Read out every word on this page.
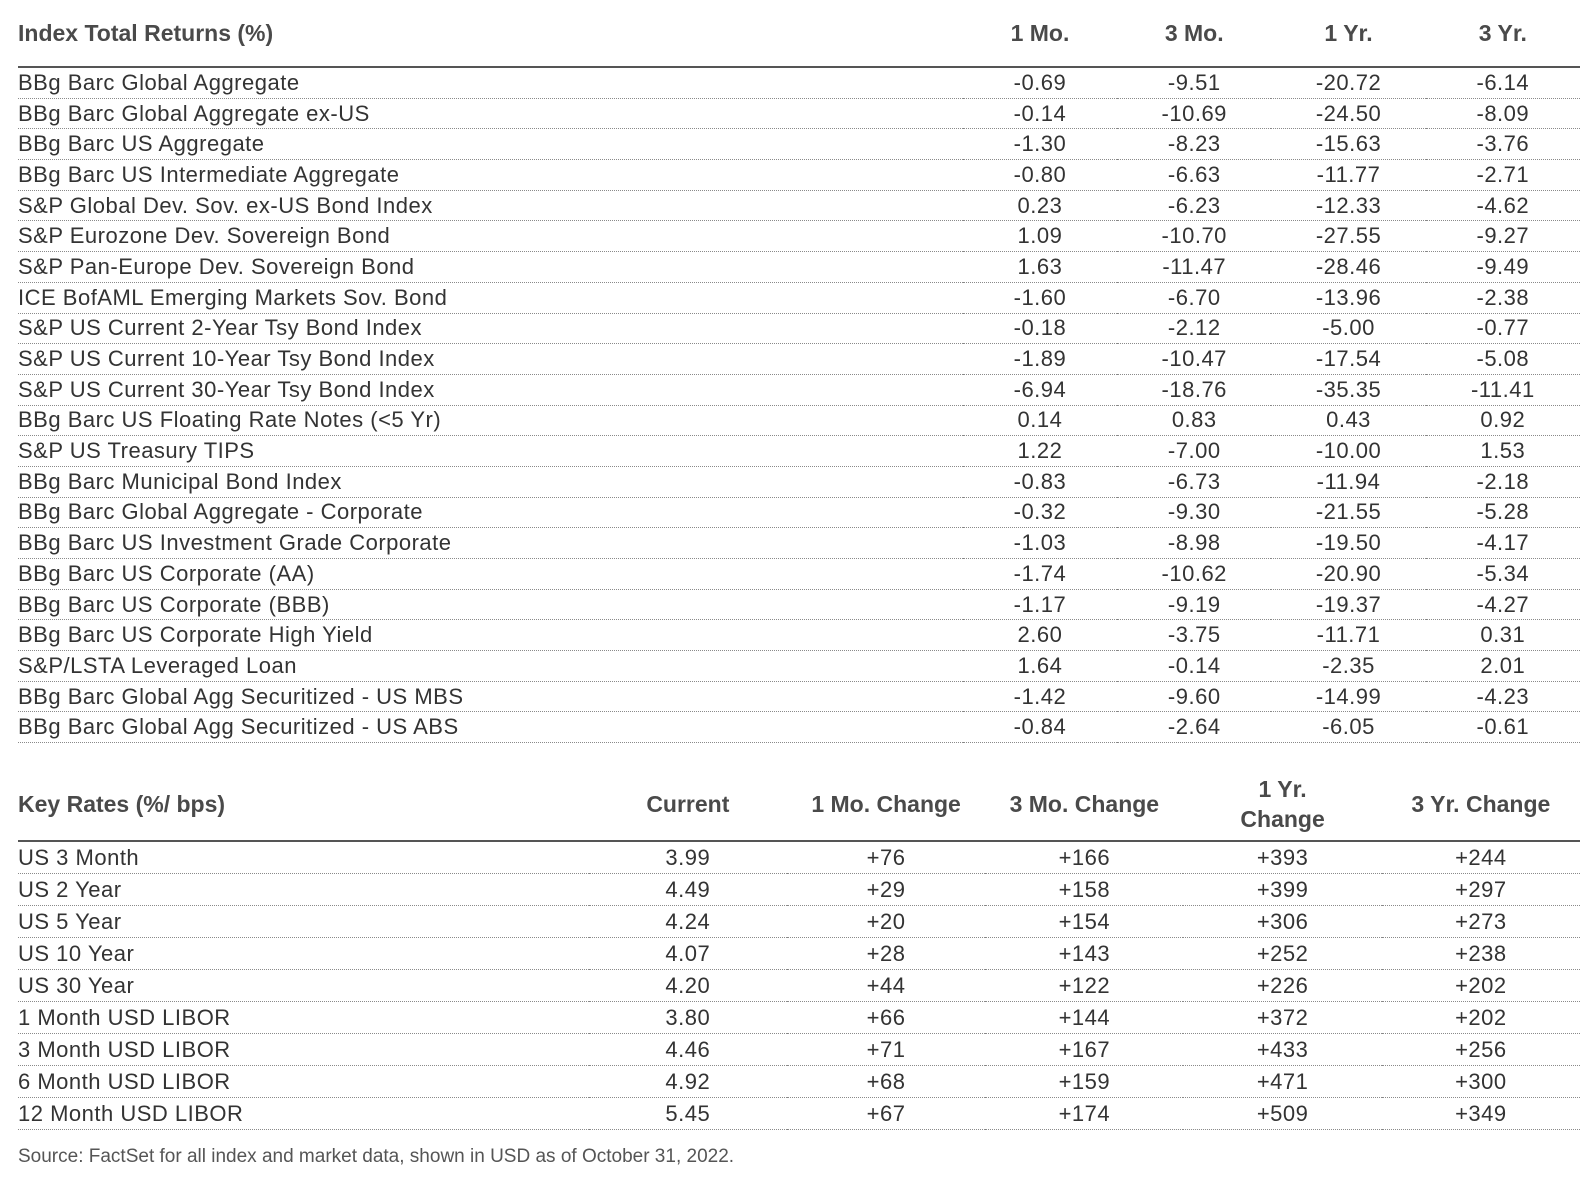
Index Total Returns (%)	1 Mo.	3 Mo.	1 Yr.	3 Yr.
BBg Barc Global Aggregate	-0.69	-9.51	-20.72	-6.14
BBg Barc Global Aggregate ex-US	-0.14	-10.69	-24.50	-8.09
BBg Barc US Aggregate	-1.30	-8.23	-15.63	-3.76
BBg Barc US Intermediate Aggregate	-0.80	-6.63	-11.77	-2.71
S&P Global Dev. Sov. ex-US Bond Index	0.23	-6.23	-12.33	-4.62
S&P Eurozone Dev. Sovereign Bond	1.09	-10.70	-27.55	-9.27
S&P Pan-Europe Dev. Sovereign Bond	1.63	-11.47	-28.46	-9.49
ICE BofAML Emerging Markets Sov. Bond	-1.60	-6.70	-13.96	-2.38
S&P US Current 2-Year Tsy Bond Index	-0.18	-2.12	-5.00	-0.77
S&P US Current 10-Year Tsy Bond Index	-1.89	-10.47	-17.54	-5.08
S&P US Current 30-Year Tsy Bond Index	-6.94	-18.76	-35.35	-11.41
BBg Barc US Floating Rate Notes (<5 Yr)	0.14	0.83	0.43	0.92
S&P US Treasury TIPS	1.22	-7.00	-10.00	1.53
BBg Barc Municipal Bond Index	-0.83	-6.73	-11.94	-2.18
BBg Barc Global Aggregate - Corporate	-0.32	-9.30	-21.55	-5.28
BBg Barc US Investment Grade Corporate	-1.03	-8.98	-19.50	-4.17
BBg Barc US Corporate (AA)	-1.74	-10.62	-20.90	-5.34
BBg Barc US Corporate (BBB)	-1.17	-9.19	-19.37	-4.27
BBg Barc US Corporate High Yield	2.60	-3.75	-11.71	0.31
S&P/LSTA Leveraged Loan	1.64	-0.14	-2.35	2.01
BBg Barc Global Agg Securitized - US MBS	-1.42	-9.60	-14.99	-4.23
BBg Barc Global Agg Securitized - US ABS	-0.84	-2.64	-6.05	-0.61
Key Rates (%/ bps)	Current	1 Mo. Change	3 Mo. Change	1 Yr. Change	3 Yr. Change
US 3 Month	3.99	+76	+166	+393	+244
US 2 Year	4.49	+29	+158	+399	+297
US 5 Year	4.24	+20	+154	+306	+273
US 10 Year	4.07	+28	+143	+252	+238
US 30 Year	4.20	+44	+122	+226	+202
1 Month USD LIBOR	3.80	+66	+144	+372	+202
3 Month USD LIBOR	4.46	+71	+167	+433	+256
6 Month USD LIBOR	4.92	+68	+159	+471	+300
12 Month USD LIBOR	5.45	+67	+174	+509	+349
Source: FactSet for all index and market data, shown in USD as of October 31, 2022.
